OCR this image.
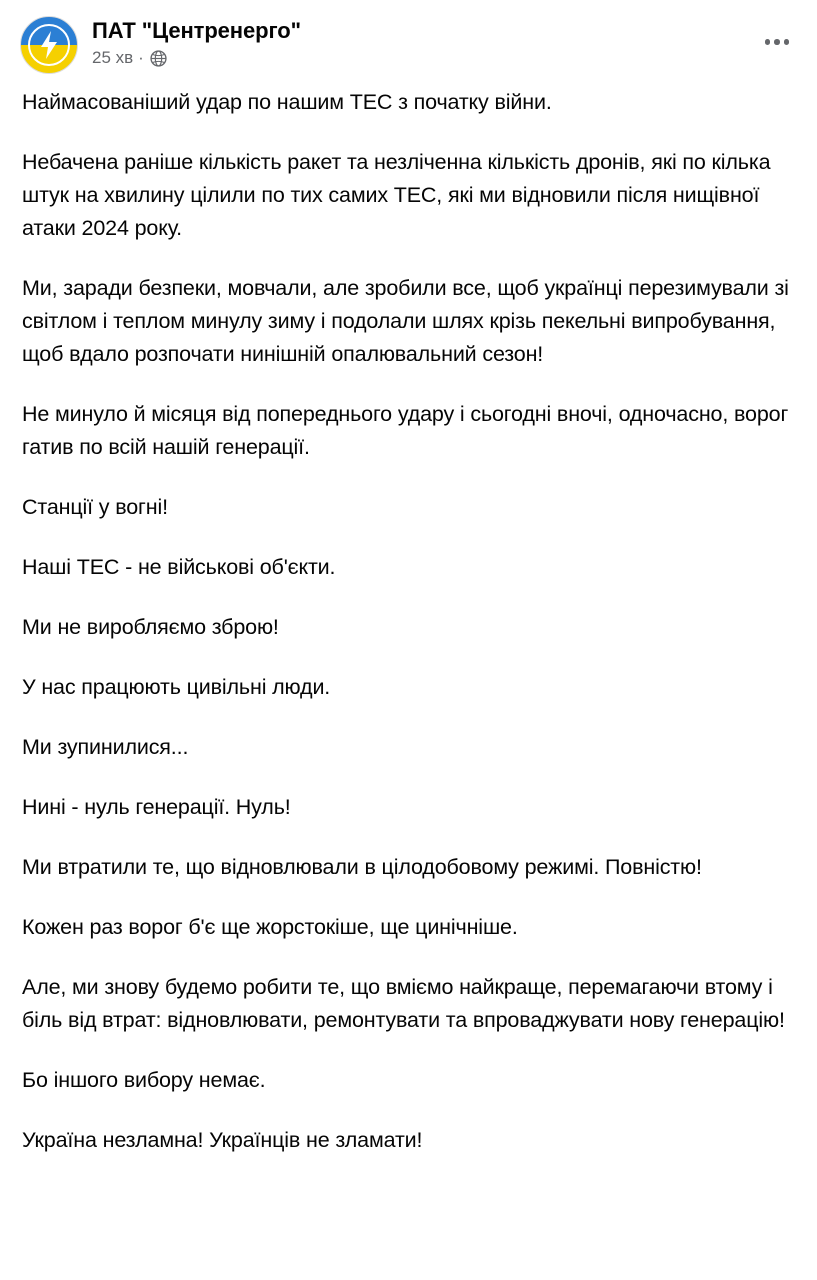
ПАТ "Центренерго"
25 хв ·

Наймасованіший удар по нашим ТЕС з початку війни.

Небачена раніше кількість ракет та незліченна кількість дронів, які по кілька штук на хвилину цілили по тих самих ТЕС, які ми відновили після нищівної атаки 2024 року.

Ми, заради безпеки, мовчали, але зробили все, щоб українці перезимували зі світлом і теплом минулу зиму і подолали шлях крізь пекельні випробування, щоб вдало розпочати нинішній опалювальний сезон!

Не минуло й місяця від попереднього удару і сьогодні вночі, одночасно, ворог гатив по всій нашій генерації.

Станції у вогні!

Наші ТЕС - не військові об'єкти.

Ми не виробляємо зброю!

У нас працюють цивільні люди.

Ми зупинилися...

Нині - нуль генерації. Нуль!

Ми втратили те, що відновлювали в цілодобовому режимі. Повністю!

Кожен раз ворог б'є ще жорстокіше, ще цинічніше.

Але, ми знову будемо робити те, що вміємо найкраще, перемагаючи втому і біль від втрат: відновлювати, ремонтувати та впроваджувати нову генерацію!

Бо іншого вибору немає.

Україна незламна! Українців не зламати!
